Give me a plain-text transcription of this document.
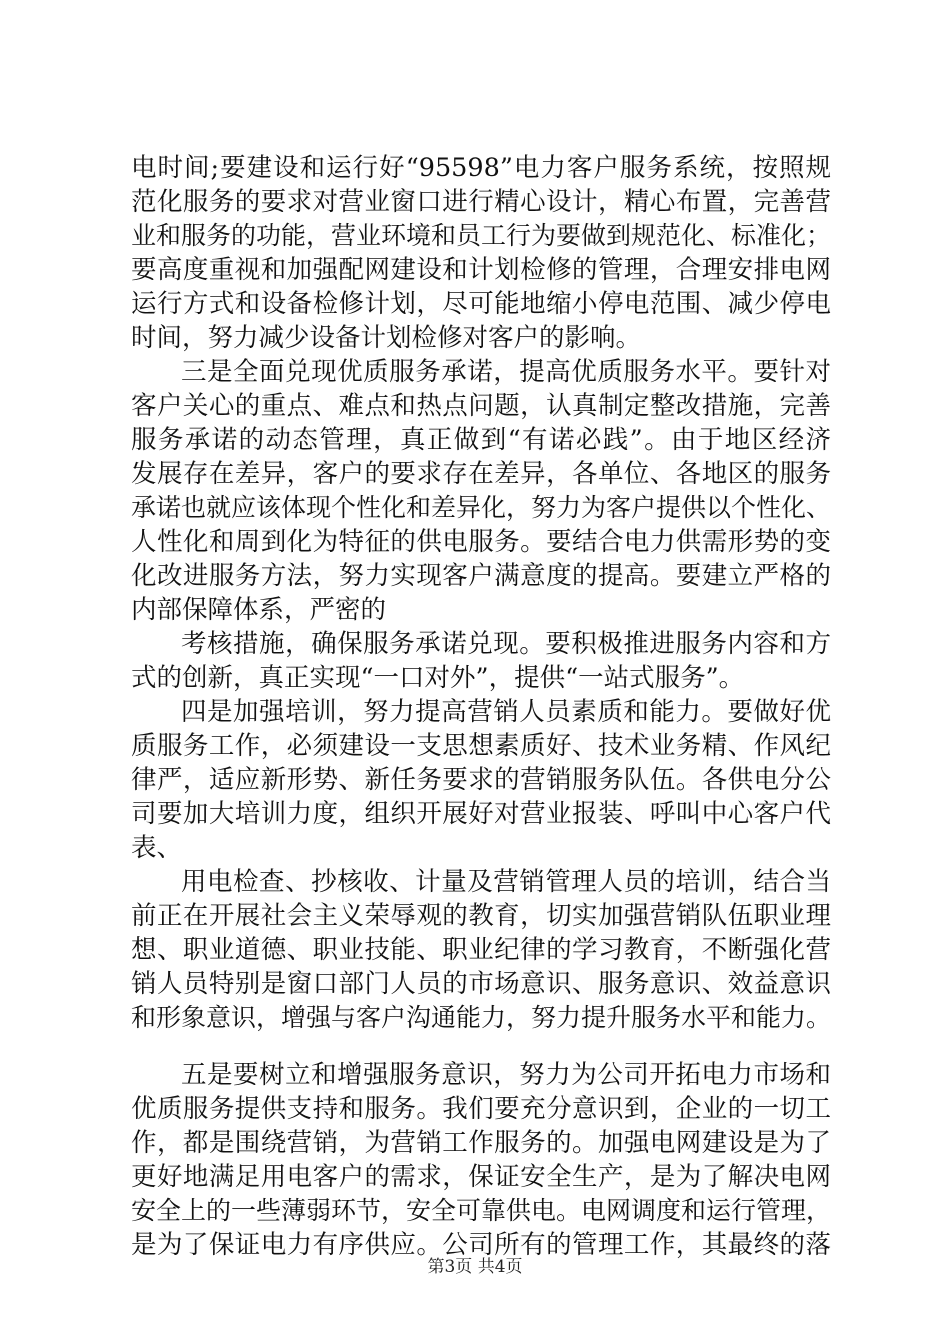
电时间;要建设和运行好“95598”电力客户服务系统，按照规
范化服务的要求对营业窗口进行精心设计，精心布置，完善营
业和服务的功能，营业环境和员工行为要做到规范化、标准化；
要高度重视和加强配网建设和计划检修的管理，合理安排电网
运行方式和设备检修计划，尽可能地缩小停电范围、减少停电
时间，努力减少设备计划检修对客户的影响。
三是全面兑现优质服务承诺，提高优质服务水平。要针对
客户关心的重点、难点和热点问题，认真制定整改措施，完善
服务承诺的动态管理，真正做到“有诺必践”。由于地区经济
发展存在差异，客户的要求存在差异，各单位、各地区的服务
承诺也就应该体现个性化和差异化，努力为客户提供以个性化、
人性化和周到化为特征的供电服务。要结合电力供需形势的变
化改进服务方法，努力实现客户满意度的提高。要建立严格的
内部保障体系，严密的
考核措施，确保服务承诺兑现。要积极推进服务内容和方
式的创新，真正实现“一口对外”，提供“一站式服务”。
四是加强培训，努力提高营销人员素质和能力。要做好优
质服务工作，必须建设一支思想素质好、技术业务精、作风纪
律严，适应新形势、新任务要求的营销服务队伍。各供电分公
司要加大培训力度，组织开展好对营业报装、呼叫中心客户代
表、
用电检查、抄核收、计量及营销管理人员的培训，结合当
前正在开展社会主义荣辱观的教育，切实加强营销队伍职业理
想、职业道德、职业技能、职业纪律的学习教育，不断强化营
销人员特别是窗口部门人员的市场意识、服务意识、效益意识
和形象意识，增强与客户沟通能力，努力提升服务水平和能力。
五是要树立和增强服务意识，努力为公司开拓电力市场和
优质服务提供支持和服务。我们要充分意识到，企业的一切工
作，都是围绕营销，为营销工作服务的。加强电网建设是为了
更好地满足用电客户的需求，保证安全生产，是为了解决电网
安全上的一些薄弱环节，安全可靠供电。电网调度和运行管理，
是为了保证电力有序供应。公司所有的管理工作，其最终的落
第3页 共4页
